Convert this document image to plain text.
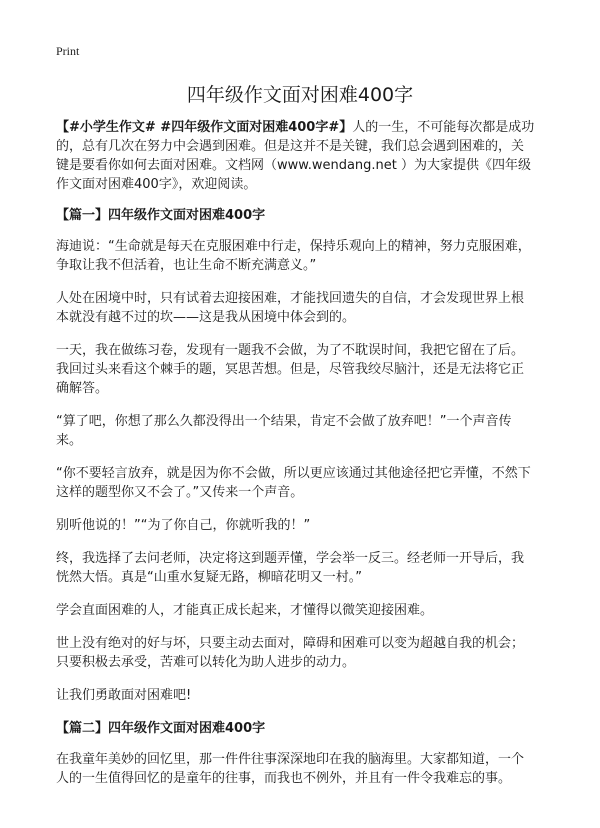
Print
四年级作文面对困难400字

【#小学生作文# #四年级作文面对困难400字#】人的一生，不可能每次都是成功的，总有几次在努力中会遇到困难。但是这并不是关键，我们总会遇到困难的，关键是要看你如何去面对困难。文档网（www.wendang.net ）为大家提供《四年级作文面对困难400字》，欢迎阅读。

【篇一】四年级作文面对困难400字

海迪说：“生命就是每天在克服困难中行走，保持乐观向上的精神，努力克服困难，争取让我不但活着，也让生命不断充满意义。”

人处在困境中时，只有试着去迎接困难，才能找回遗失的自信，才会发现世界上根本就没有越不过的坎——这是我从困境中体会到的。

一天，我在做练习卷，发现有一题我不会做，为了不耽误时间，我把它留在了后。我回过头来看这个棘手的题，冥思苦想。但是，尽管我绞尽脑汁，还是无法将它正确解答。

“算了吧，你想了那么久都没得出一个结果，肯定不会做了放弃吧！”一个声音传来。

“你不要轻言放弃，就是因为你不会做，所以更应该通过其他途径把它弄懂，不然下这样的题型你又不会了。”又传来一个声音。

别听他说的！”“为了你自己，你就听我的！”

终，我选择了去问老师，决定将这到题弄懂，学会举一反三。经老师一开导后，我恍然大悟。真是“山重水复疑无路，柳暗花明又一村。”

学会直面困难的人，才能真正成长起来，才懂得以微笑迎接困难。

世上没有绝对的好与坏，只要主动去面对，障碍和困难可以变为超越自我的机会；只要积极去承受，苦难可以转化为助人进步的动力。

让我们勇敢面对困难吧!

【篇二】四年级作文面对困难400字

在我童年美妙的回忆里，那一件件往事深深地印在我的脑海里。大家都知道，一个人的一生值得回忆的是童年的往事，而我也不例外，并且有一件令我难忘的事。
